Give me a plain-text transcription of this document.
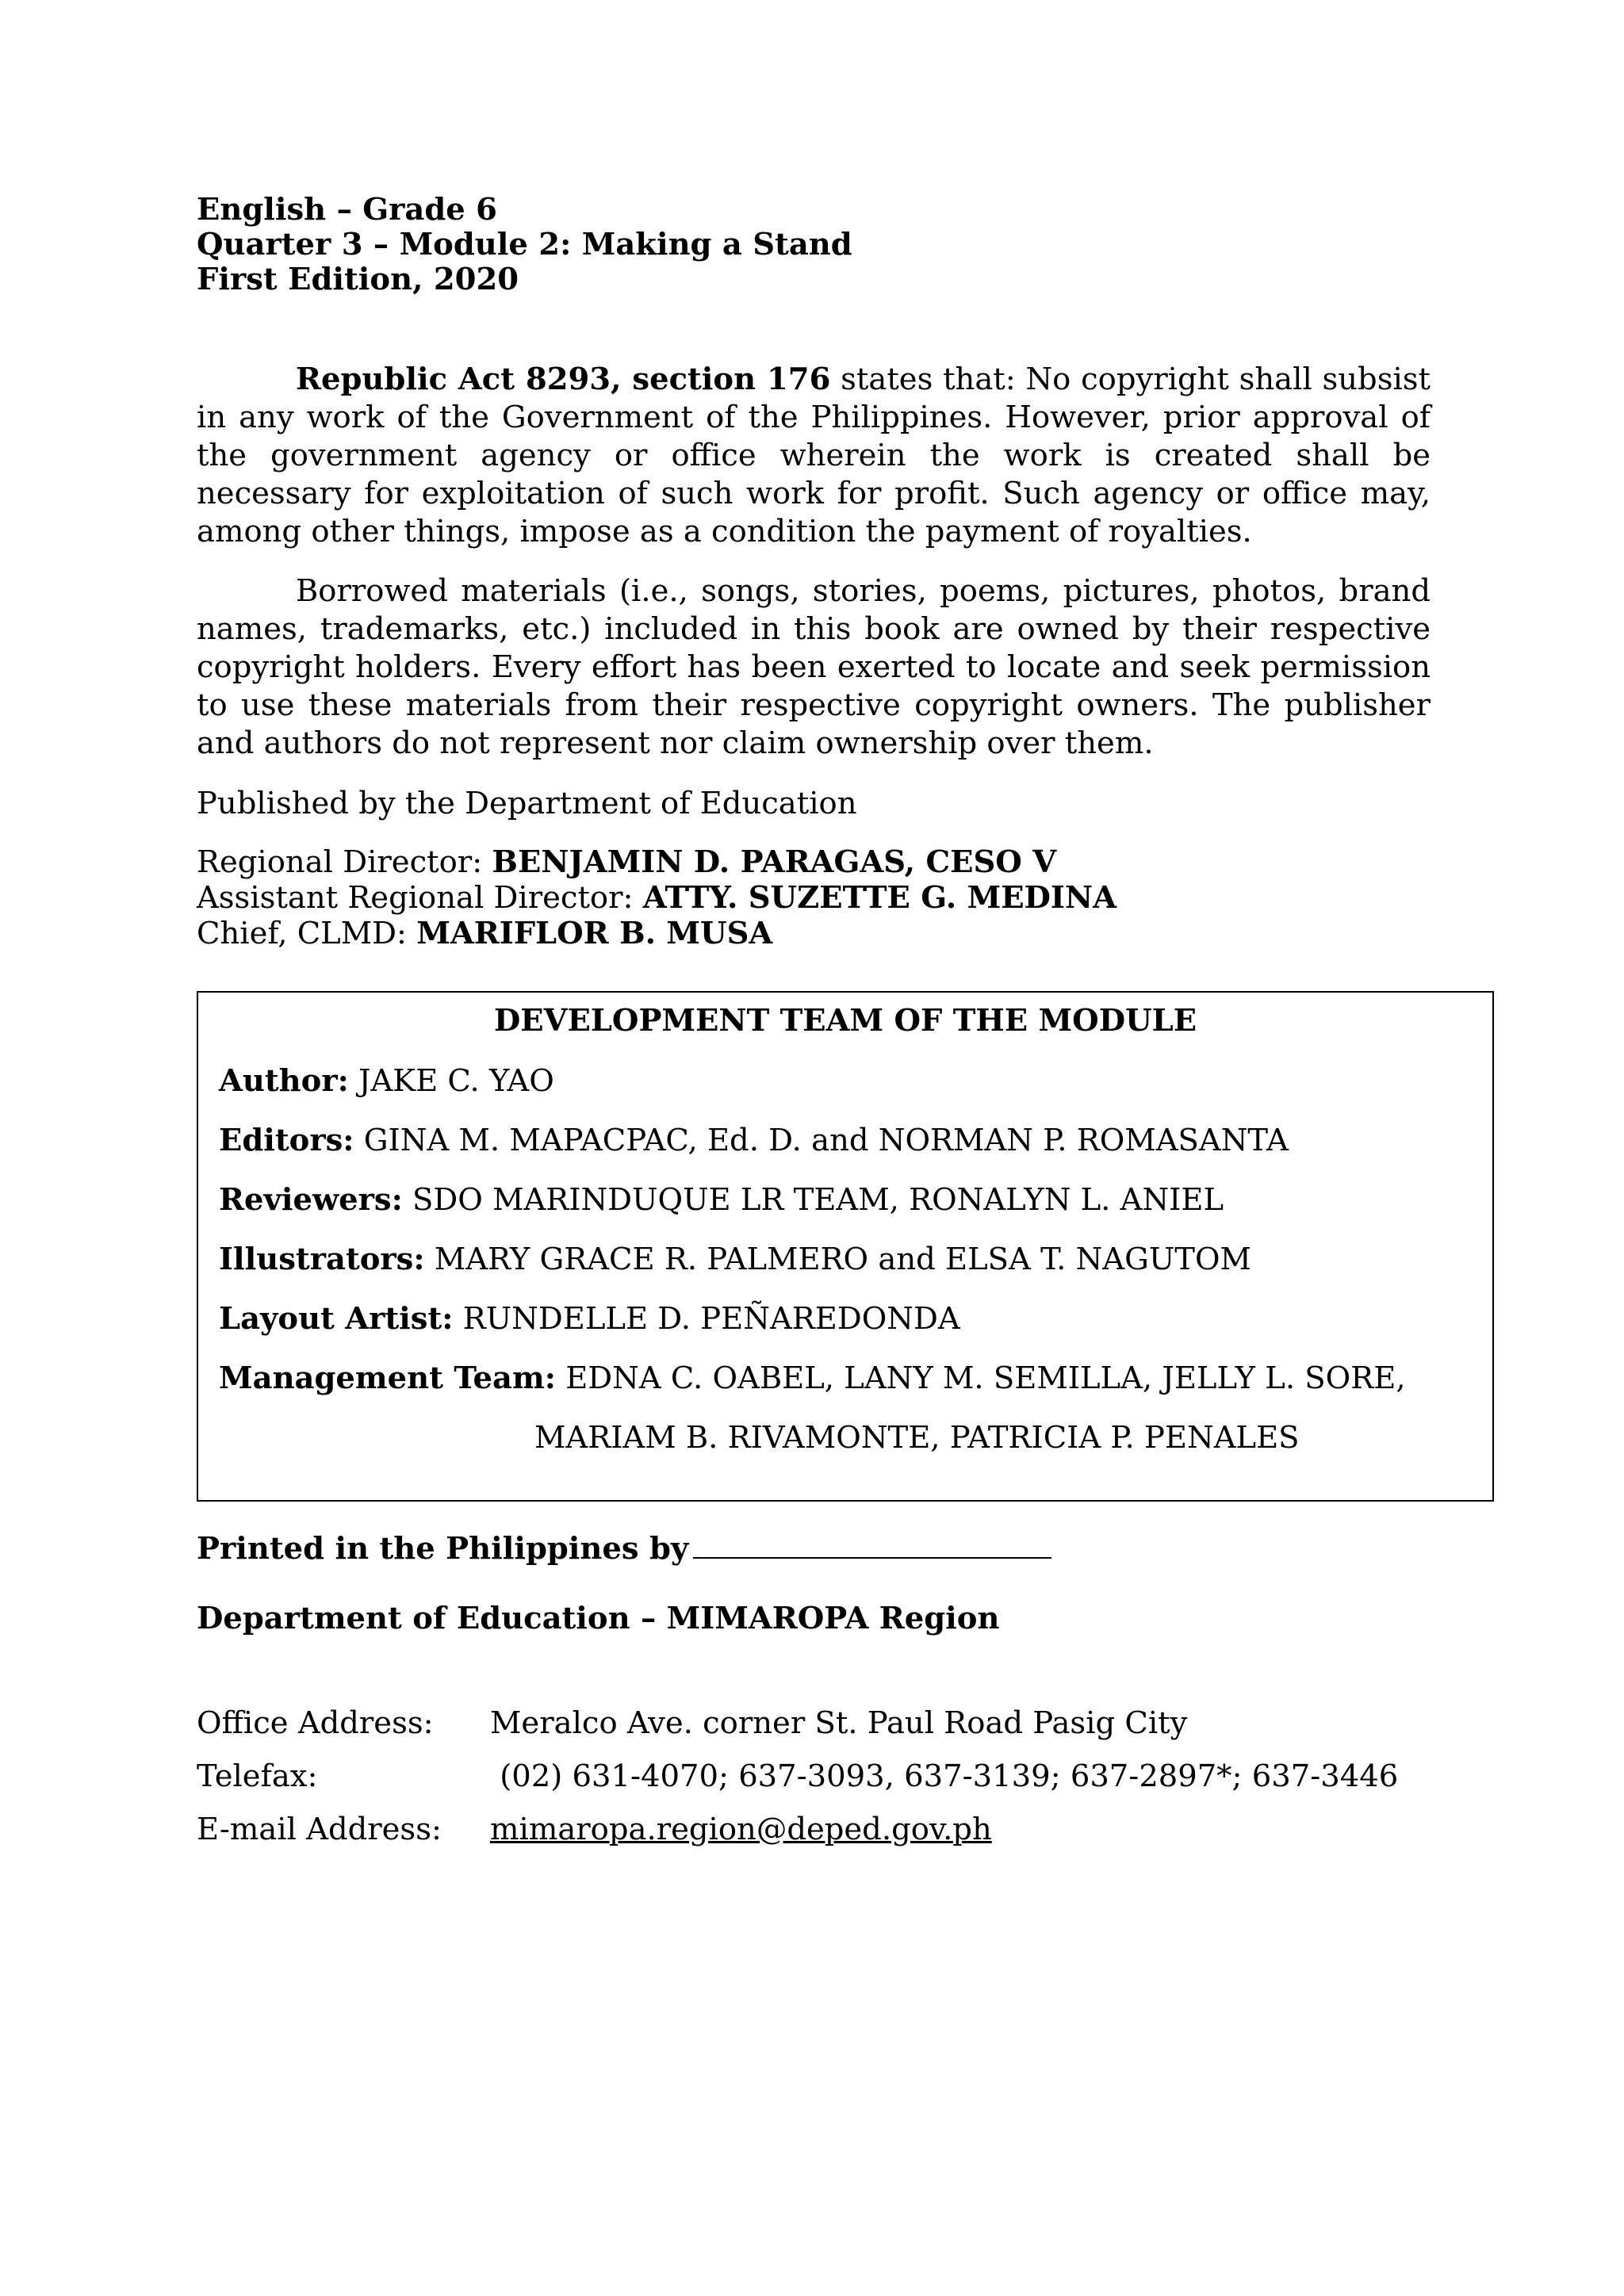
English – Grade 6
Quarter 3 – Module 2: Making a Stand
First Edition, 2020
Republic Act 8293, section 176 states that: No copyright shall subsist in any work of the Government of the Philippines. However, prior approval of the government agency or office wherein the work is created shall be necessary for exploitation of such work for profit. Such agency or office may, among other things, impose as a condition the payment of royalties.
Borrowed materials (i.e., songs, stories, poems, pictures, photos, brand names, trademarks, etc.) included in this book are owned by their respective copyright holders. Every effort has been exerted to locate and seek permission to use these materials from their respective copyright owners. The publisher and authors do not represent nor claim ownership over them.
Published by the Department of Education
Regional Director: BENJAMIN D. PARAGAS, CESO V
Assistant Regional Director: ATTY. SUZETTE G. MEDINA
Chief, CLMD: MARIFLOR B. MUSA
DEVELOPMENT TEAM OF THE MODULE
Author: JAKE C. YAO
Editors: GINA M. MAPACPAC, Ed. D. and NORMAN P. ROMASANTA
Reviewers: SDO MARINDUQUE LR TEAM, RONALYN L. ANIEL
Illustrators: MARY GRACE R. PALMERO and ELSA T. NAGUTOM
Layout Artist: RUNDELLE D. PEÑAREDONDA
Management Team: EDNA C. OABEL, LANY M. SEMILLA, JELLY L. SORE,
MARIAM B. RIVAMONTE, PATRICIA P. PENALES
Printed in the Philippines by
Department of Education – MIMAROPA Region
Office Address: Meralco Ave. corner St. Paul Road Pasig City
Telefax:	(02) 631-4070; 637-3093, 637-3139; 637-2897*; 637-3446
E-mail Address: mimaropa.region@deped.gov.ph
